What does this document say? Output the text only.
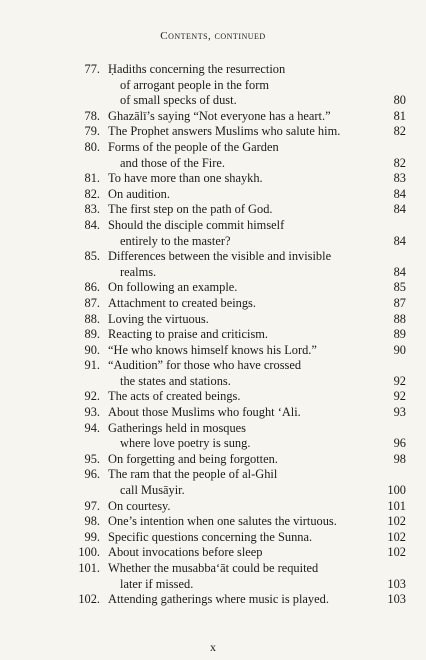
Contents, continued
77. Ḥadiths concerning the resurrection
of arrogant people in the form
of small specks of dust.	80
78. Ghazālī’s saying “Not everyone has a heart.”	81
79. The Prophet answers Muslims who salute him.	82
80. Forms of the people of the Garden
and those of the Fire.	82
81. To have more than one shaykh.	83
82. On audition.	84
83. The first step on the path of God.	84
84. Should the disciple commit himself
entirely to the master?	84
85. Differences between the visible and invisible
realms.	84
86. On following an example.	85
87. Attachment to created beings.	87
88. Loving the virtuous.	88
89. Reacting to praise and criticism.	89
90. “He who knows himself knows his Lord.”	90
91. “Audition” for those who have crossed
the states and stations.	92
92. The acts of created beings.	92
93. About those Muslims who fought ‘Ali.	93
94. Gatherings held in mosques
where love poetry is sung.	96
95. On forgetting and being forgotten.	98
96. The ram that the people of al-Ghil
call Musāyir.	100
97. On courtesy.	101
98. One’s intention when one salutes the virtuous.	102
99. Specific questions concerning the Sunna.	102
100. About invocations before sleep	102
101. Whether the musabba‘āt could be requited
later if missed.	103
102. Attending gatherings where music is played.	103
x
